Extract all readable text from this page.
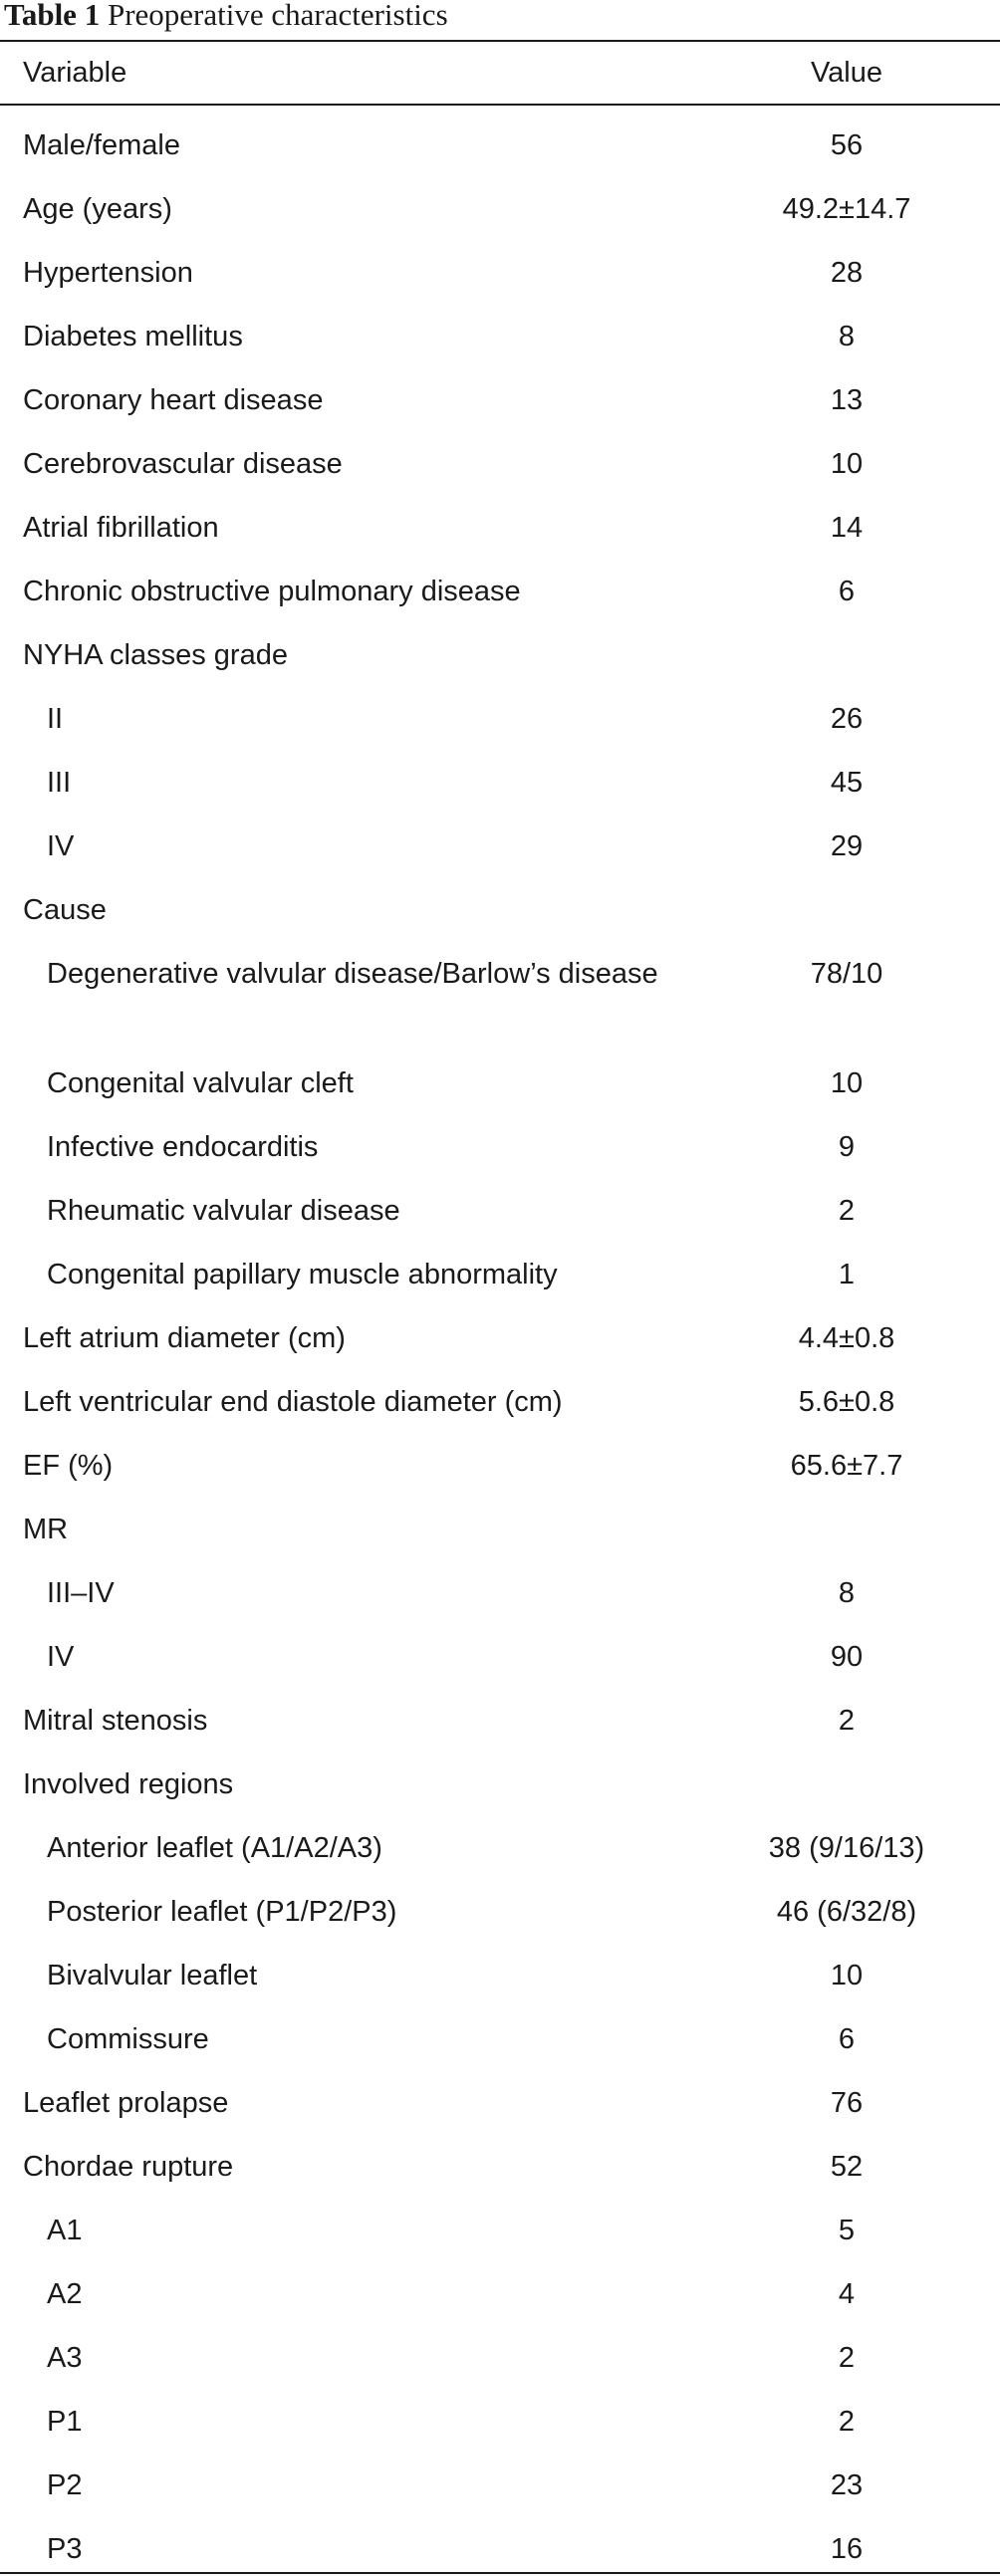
Table 1 Preoperative characteristics
Variable	Value
Male/female	56
Age (years)	49.2±14.7
Hypertension	28
Diabetes mellitus	8
Coronary heart disease	13
Cerebrovascular disease	10
Atrial fibrillation	14
Chronic obstructive pulmonary disease	6
NYHA classes grade
II	26
III	45
IV	29
Cause
Degenerative valvular disease/Barlow’s disease	78/10
Congenital valvular cleft	10
Infective endocarditis	9
Rheumatic valvular disease	2
Congenital papillary muscle abnormality	1
Left atrium diameter (cm)	4.4±0.8
Left ventricular end diastole diameter (cm)	5.6±0.8
EF (%)	65.6±7.7
MR
III–IV	8
IV	90
Mitral stenosis	2
Involved regions
Anterior leaflet (A1/A2/A3)	38 (9/16/13)
Posterior leaflet (P1/P2/P3)	46 (6/32/8)
Bivalvular leaflet	10
Commissure	6
Leaflet prolapse	76
Chordae rupture	52
A1	5
A2	4
A3	2
P1	2
P2	23
P3	16
